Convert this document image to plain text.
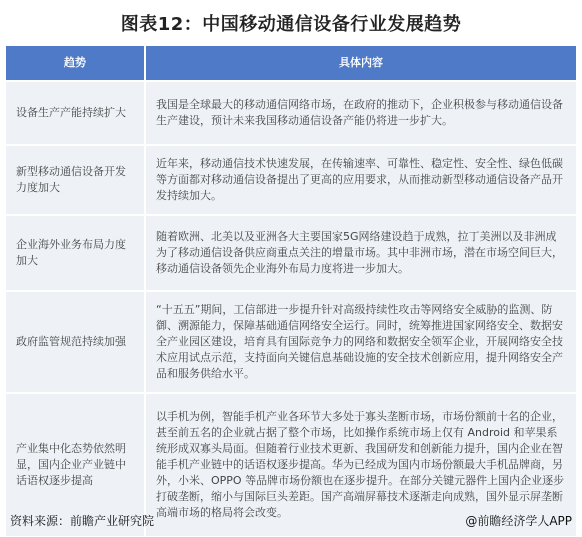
图表12：中国移动通信设备行业发展趋势
趋势	具体内容
设备生产产能持续扩大	我国是全球最大的移动通信网络市场，在政府的推动下，企业积极参与移动通信设备生产建设，预计未来我国移动通信设备产能仍将进一步扩大。
新型移动通信设备开发力度加大	近年来，移动通信技术快速发展，在传输速率、可靠性、稳定性、安全性、绿色低碳等方面都对移动通信设备提出了更高的应用要求，从而推动新型移动通信设备产品开发持续加大。
企业海外业务布局力度加大	随着欧洲、北美以及亚洲各大主要国家5G网络建设趋于成熟，拉丁美洲以及非洲成为了移动通信设备供应商重点关注的增量市场。其中非洲市场，潜在市场空间巨大，移动通信设备领先企业海外布局力度将进一步加大。
政府监管规范持续加强	“十五五”期间，工信部进一步提升针对高级持续性攻击等网络安全威胁的监测、防御、溯源能力，保障基础通信网络安全运行。同时，统筹推进国家网络安全、数据安全产业园区建设，培育具有国际竞争力的网络和数据安全领军企业，开展网络安全技术应用试点示范，支持面向关键信息基础设施的安全技术创新应用，提升网络安全产品和服务供给水平。
产业集中化态势依然明显，国内企业产业链中话语权逐步提高	以手机为例，智能手机产业各环节大多处于寡头垄断市场，市场份额前十名的企业，甚至前五名的企业就占据了整个市场，比如操作系统市场上仅有 Android 和苹果系统形成双寡头局面。但随着行业技术更新、我国研发和创新能力提升，国内企业在智能手机产业链中的话语权逐步提高。华为已经成为国内市场份额最大手机品牌商，另外，小米、OPPO 等品牌市场份额也在逐步提升。在部分关键元器件上国内企业逐步打破垄断，缩小与国际巨头差距。国产高端屏幕技术逐渐走向成熟，国外显示屏垄断高端市场的格局将会改变。
资料来源：前瞻产业研究院	@前瞻经济学人APP
